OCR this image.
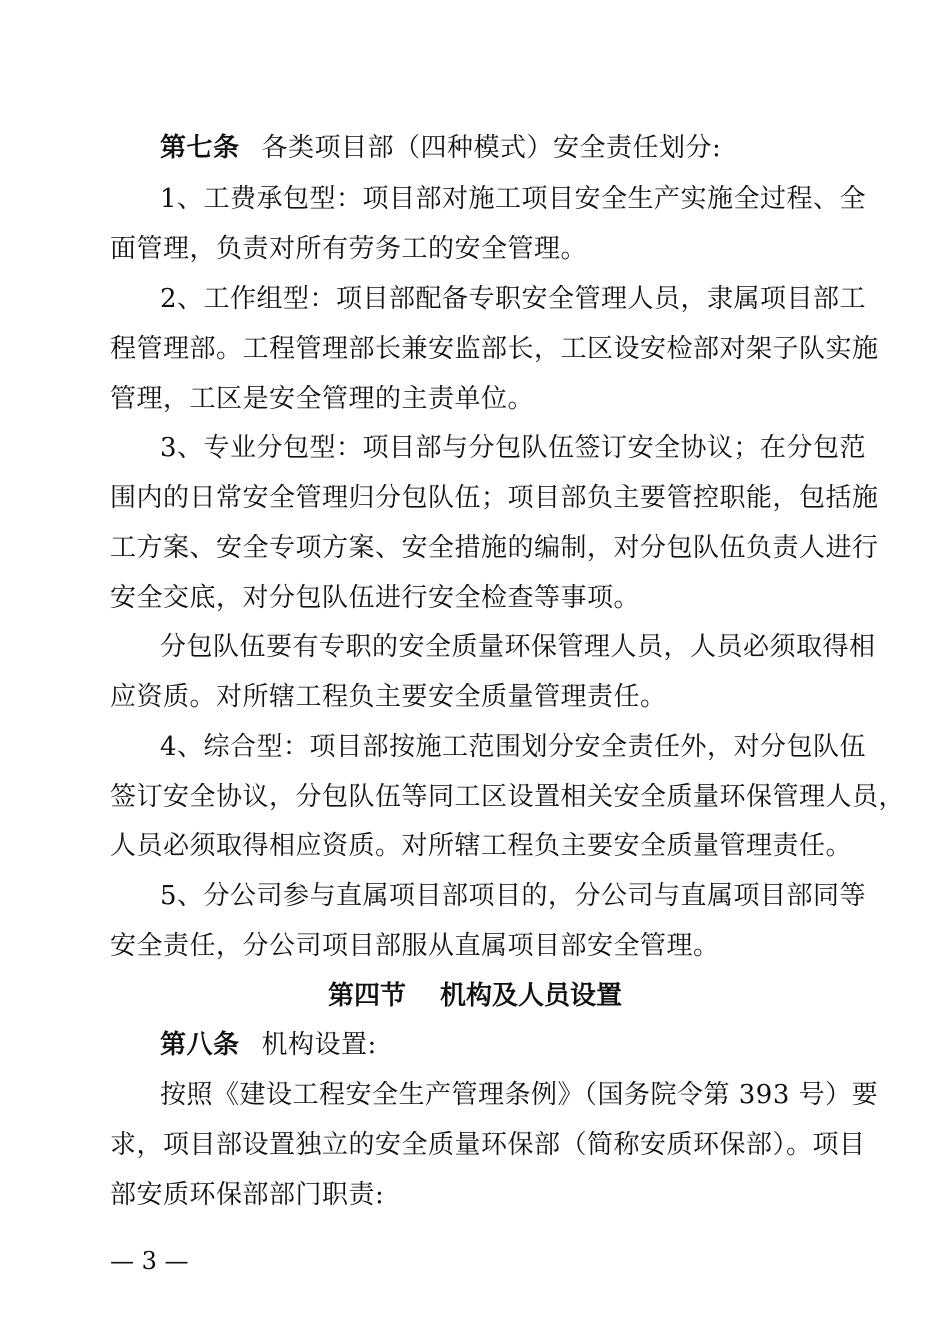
第七条 各类项目部（四种模式）安全责任划分:
1、工费承包型：项目部对施工项目安全生产实施全过程、全
面管理，负责对所有劳务工的安全管理。
2、工作组型：项目部配备专职安全管理人员，隶属项目部工
程管理部。工程管理部长兼安监部长，工区设安检部对架子队实施
管理，工区是安全管理的主责单位。
3、专业分包型：项目部与分包队伍签订安全协议；在分包范
围内的日常安全管理归分包队伍；项目部负主要管控职能，包括施
工方案、安全专项方案、安全措施的编制，对分包队伍负责人进行
安全交底，对分包队伍进行安全检查等事项。
分包队伍要有专职的安全质量环保管理人员，人员必须取得相
应资质。对所辖工程负主要安全质量管理责任。
4、综合型：项目部按施工范围划分安全责任外，对分包队伍
签订安全协议，分包队伍等同工区设置相关安全质量环保管理人员，
人员必须取得相应资质。对所辖工程负主要安全质量管理责任。
5、分公司参与直属项目部项目的，分公司与直属项目部同等
安全责任，分公司项目部服从直属项目部安全管理。
第四节 机构及人员设置
第八条 机构设置:
按照《建设工程安全生产管理条例》（国务院令第 393 号）要
求，项目部设置独立的安全质量环保部（简称安质环保部）。项目
部安质环保部部门职责:
— 3 —
